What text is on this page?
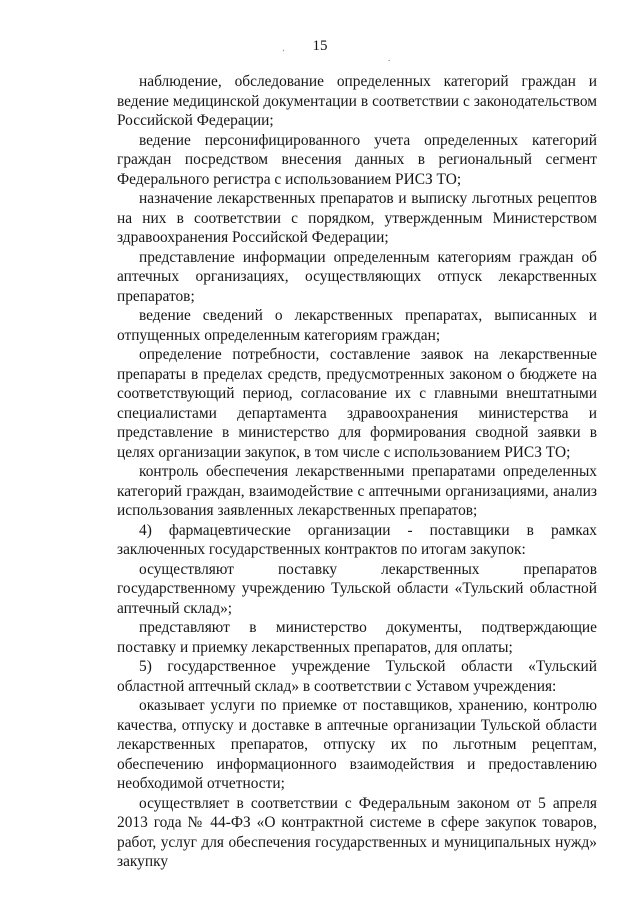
15
´	.

наблюдение, обследование определенных категорий граждан и ведение медицинской документации в соответствии с законодательством Российской Федерации;

ведение персонифицированного учета определенных категорий граждан посредством внесения данных в региональный сегмент Федерального регистра с использованием РИСЗ ТО;

назначение лекарственных препаратов и выписку льготных рецептов на них в соответствии с порядком, утвержденным Министерством здравоохранения Российской Федерации;

представление информации определенным категориям граждан об аптечных организациях, осуществляющих отпуск лекарственных препаратов;

ведение сведений о лекарственных препаратах, выписанных и отпущенных определенным категориям граждан;

определение потребности, составление заявок на лекарственные препараты в пределах средств, предусмотренных законом о бюджете на соответствующий период, согласование их с главными внештатными специалистами департамента здравоохранения министерства и представление в министерство для формирования сводной заявки в целях организации закупок, в том числе с использованием РИСЗ ТО;

контроль обеспечения лекарственными препаратами определенных категорий граждан, взаимодействие с аптечными организациями, анализ использования заявленных лекарственных препаратов;

4) фармацевтические организации - поставщики в рамках заключенных государственных контрактов по итогам закупок:

осуществляют поставку лекарственных препаратов государственному учреждению Тульской области «Тульский областной аптечный склад»;

представляют в министерство документы, подтверждающие поставку и приемку лекарственных препаратов, для оплаты;

5) государственное учреждение Тульской области «Тульский областной аптечный склад» в соответствии с Уставом учреждения:

оказывает услуги по приемке от поставщиков, хранению, контролю качества, отпуску и доставке в аптечные организации Тульской области лекарственных препаратов, отпуску их по льготным рецептам, обеспечению информационного взаимодействия и предоставлению необходимой отчетности;

осуществляет в соответствии с Федеральным законом от 5 апреля 2013 года № 44-ФЗ «О контрактной системе в сфере закупок товаров, работ, услуг для обеспечения государственных и муниципальных нужд» закупку
